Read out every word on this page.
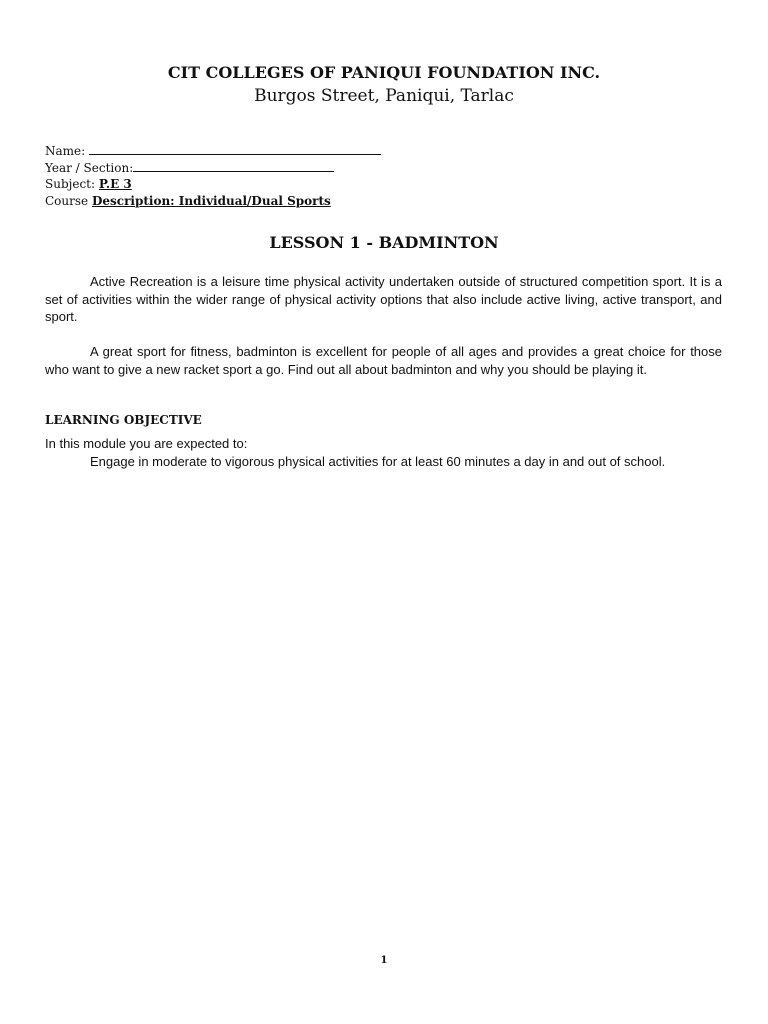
CIT COLLEGES OF PANIQUI FOUNDATION INC.

Burgos Street, Paniqui, Tarlac

Name:
Year / Section:
Subject: P.E 3
Course Description: Individual/Dual Sports

LESSON 1 - BADMINTON

Active Recreation is a leisure time physical activity undertaken outside of structured competition sport. It is a set of activities within the wider range of physical activity options that also include active living, active transport, and sport.

A great sport for fitness, badminton is excellent for people of all ages and provides a great choice for those who want to give a new racket sport a go. Find out all about badminton and why you should be playing it.

LEARNING OBJECTIVE

In this module you are expected to:

Engage in moderate to vigorous physical activities for at least 60 minutes a day in and out of school.

1
